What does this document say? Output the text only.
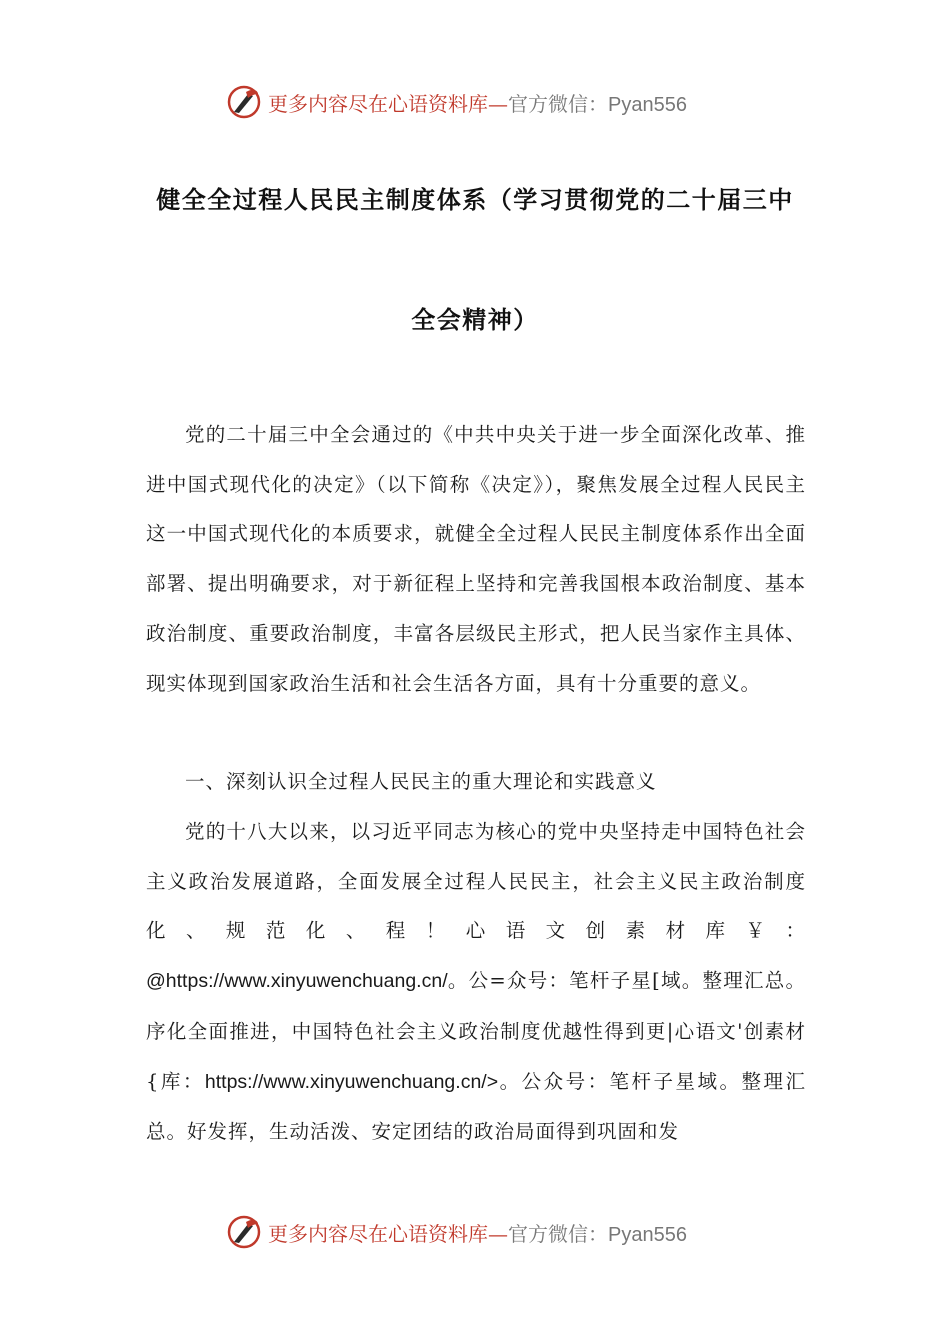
更多内容尽在心语资料库—官方微信：Pyan556
健全全过程人民民主制度体系（学习贯彻党的二十届三中
全会精神）

党的二十届三中全会通过的《中共中央关于进一步全面深化改革、推进中国式现代化的决定》（以下简称《决定》），聚焦发展全过程人民民主这一中国式现代化的本质要求，就健全全过程人民民主制度体系作出全面部署、提出明确要求，对于新征程上坚持和完善我国根本政治制度、基本政治制度、重要政治制度，丰富各层级民主形式，把人民当家作主具体、现实体现到国家政治生活和社会生活各方面，具有十分重要的意义。

一、深刻认识全过程人民民主的重大理论和实践意义

党的十八大以来，以习近平同志为核心的党中央坚持走中国特色社会主义政治发展道路，全面发展全过程人民民主，社会主义民主政治制度化、规范化、程！心语文创素材库￥：@https://www.xinyuwenchuang.cn/。公=众号：笔杆子星[域。整理汇总。序化全面推进，中国特色社会主义政治制度优越性得到更|心语文'创素材{库：https://www.xinyuwenchuang.cn/>。公众号：笔杆子星域。整理汇总。好发挥，生动活泼、安定团结的政治局面得到巩固和发

更多内容尽在心语资料库—官方微信：Pyan556
